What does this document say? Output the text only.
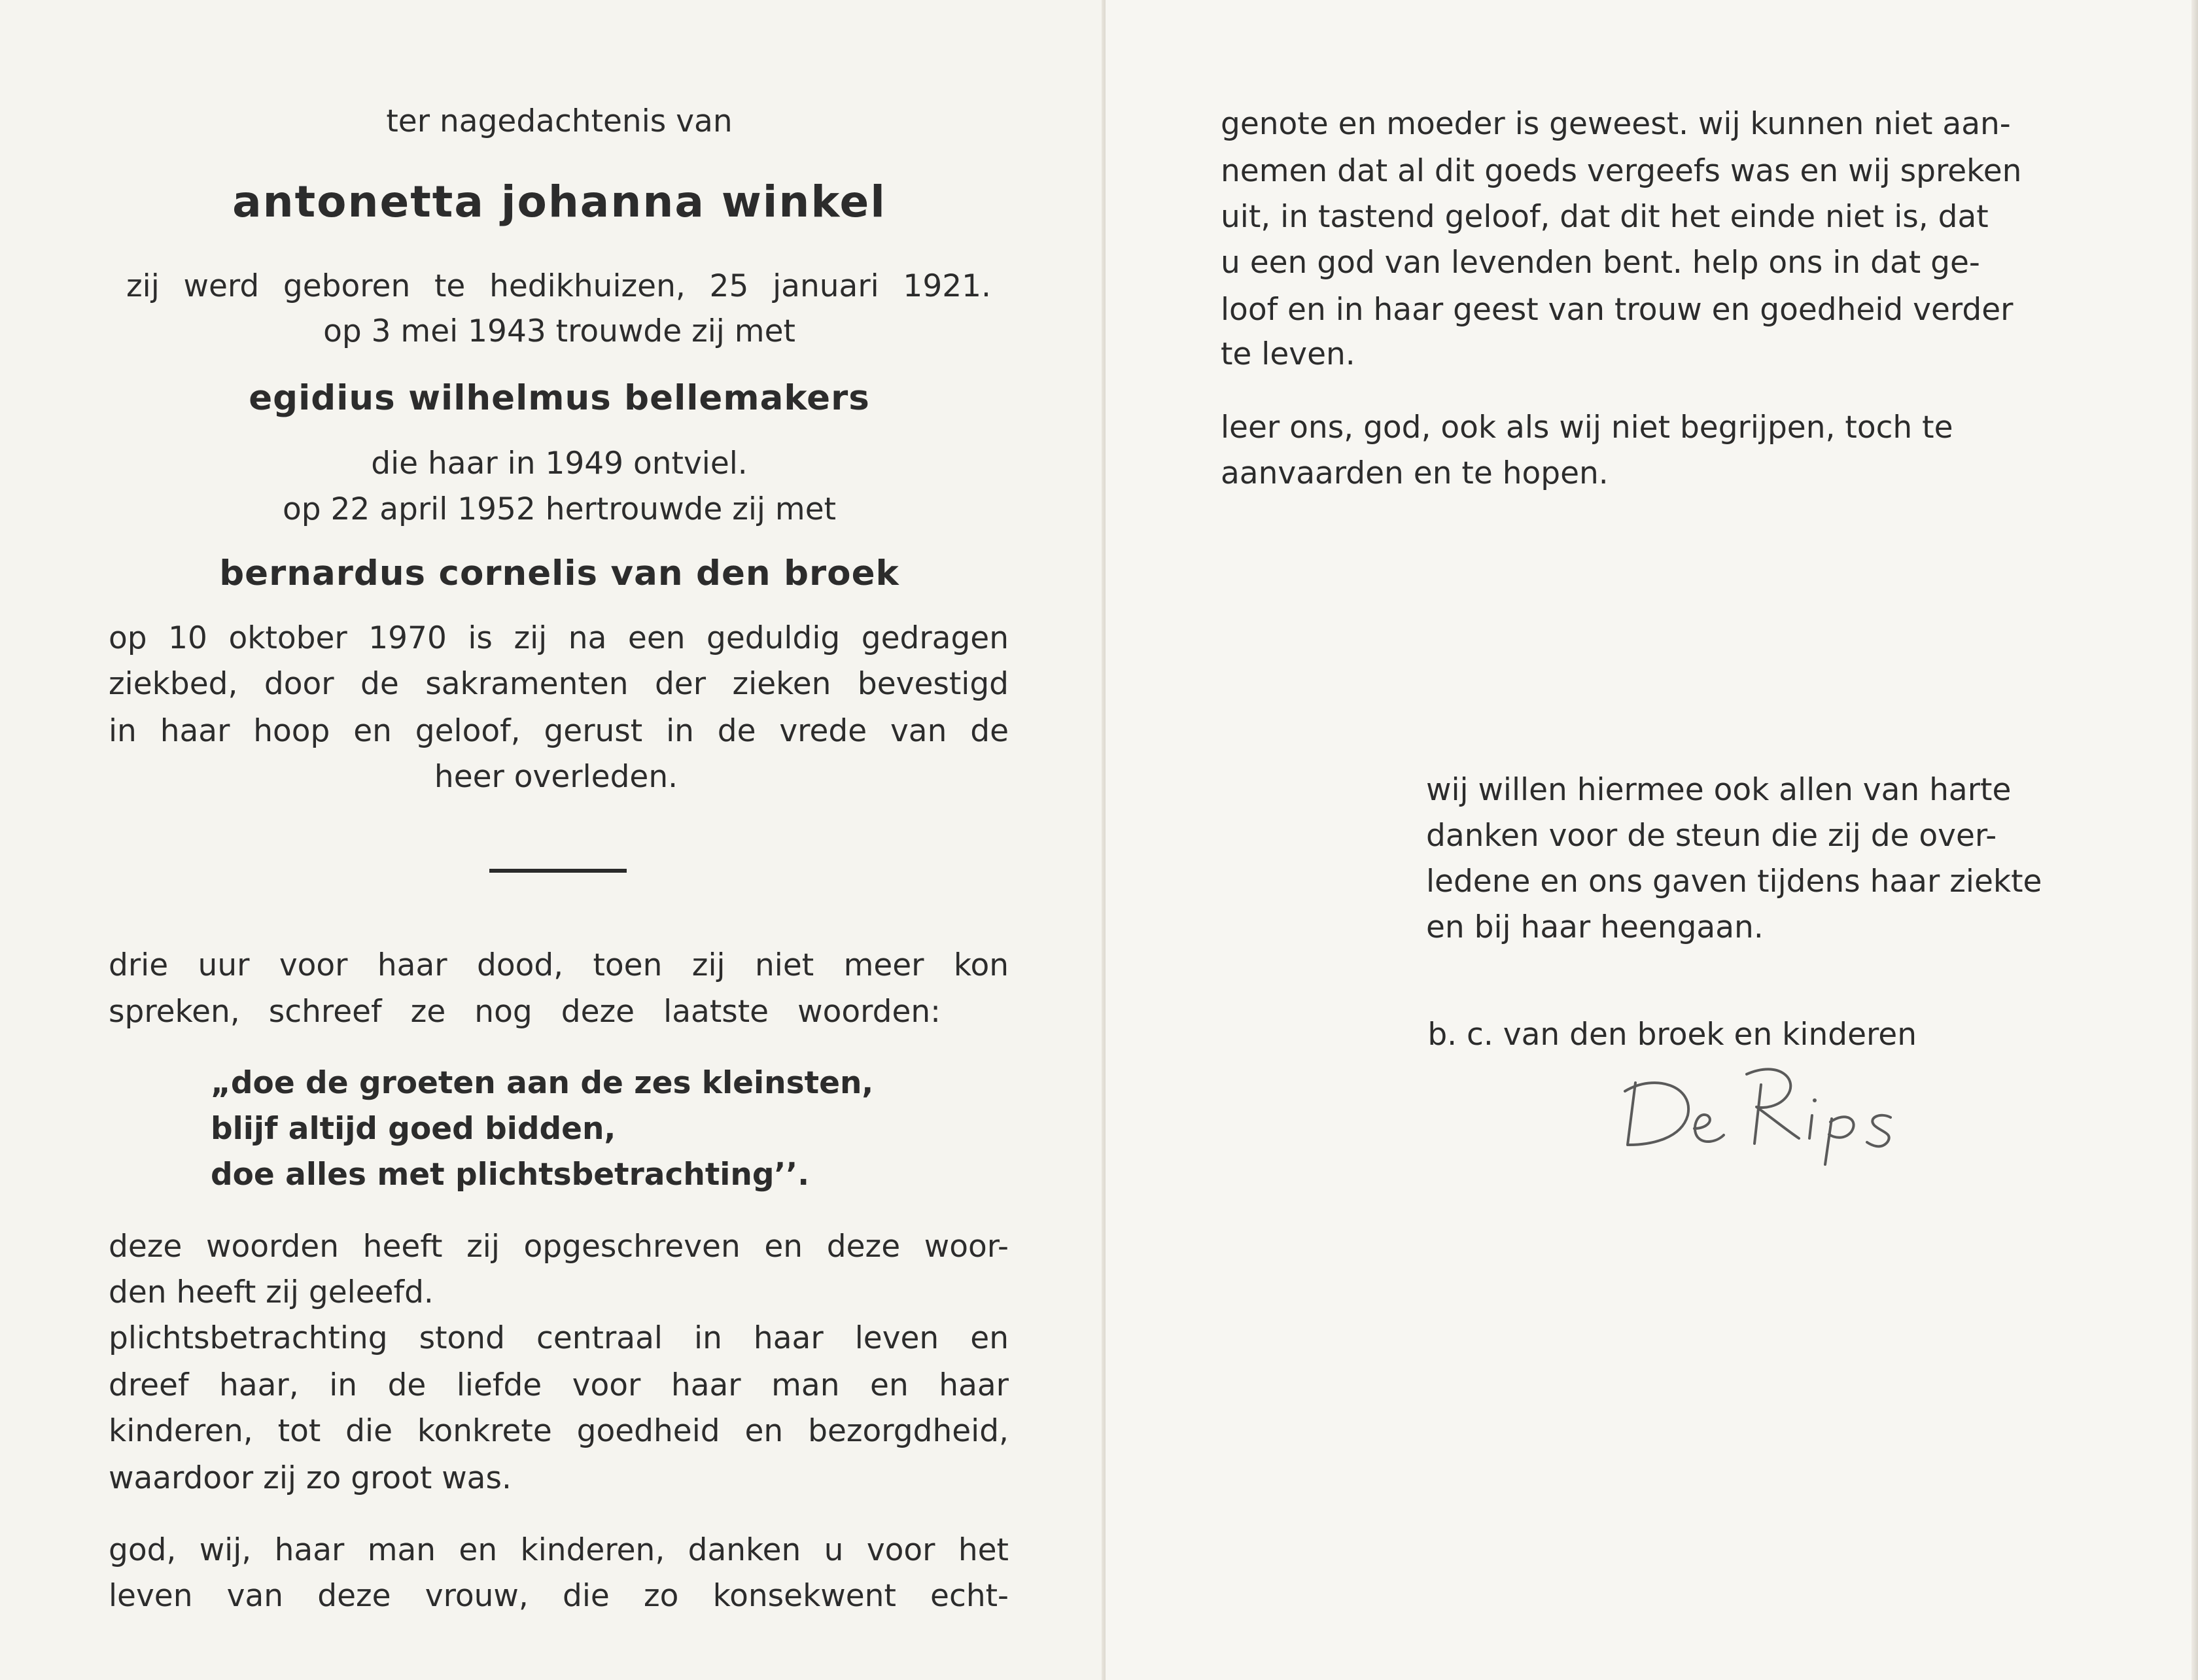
ter nagedachtenis van
antonetta johanna winkel
zij werd geboren te hedikhuizen, 25 januari 1921.
op 3 mei 1943 trouwde zij met
egidius wilhelmus bellemakers
die haar in 1949 ontviel.
op 22 april 1952 hertrouwde zij met
bernardus cornelis van den broek
op 10 oktober 1970 is zij na een geduldig gedragen
ziekbed, door de sakramenten der zieken bevestigd
in haar hoop en geloof, gerust in de vrede van de
heer overleden.
drie uur voor haar dood, toen zij niet meer kon
spreken, schreef ze nog deze laatste woorden:
„doe de groeten aan de zes kleinsten,
blijf altijd goed bidden,
doe alles met plichtsbetrachting’’.
deze woorden heeft zij opgeschreven en deze woor-
den heeft zij geleefd.
plichtsbetrachting stond centraal in haar leven en
dreef haar, in de liefde voor haar man en haar
kinderen, tot die konkrete goedheid en bezorgdheid,
waardoor zij zo groot was.
god, wij, haar man en kinderen, danken u voor het
leven van deze vrouw, die zo konsekwent echt-
genote en moeder is geweest. wij kunnen niet aan-
nemen dat al dit goeds vergeefs was en wij spreken
uit, in tastend geloof, dat dit het einde niet is, dat
u een god van levenden bent. help ons in dat ge-
loof en in haar geest van trouw en goedheid verder
te leven.
leer ons, god, ook als wij niet begrijpen, toch te
aanvaarden en te hopen.
wij willen hiermee ook allen van harte
danken voor de steun die zij de over-
ledene en ons gaven tijdens haar ziekte
en bij haar heengaan.
b. c. van den broek en kinderen
